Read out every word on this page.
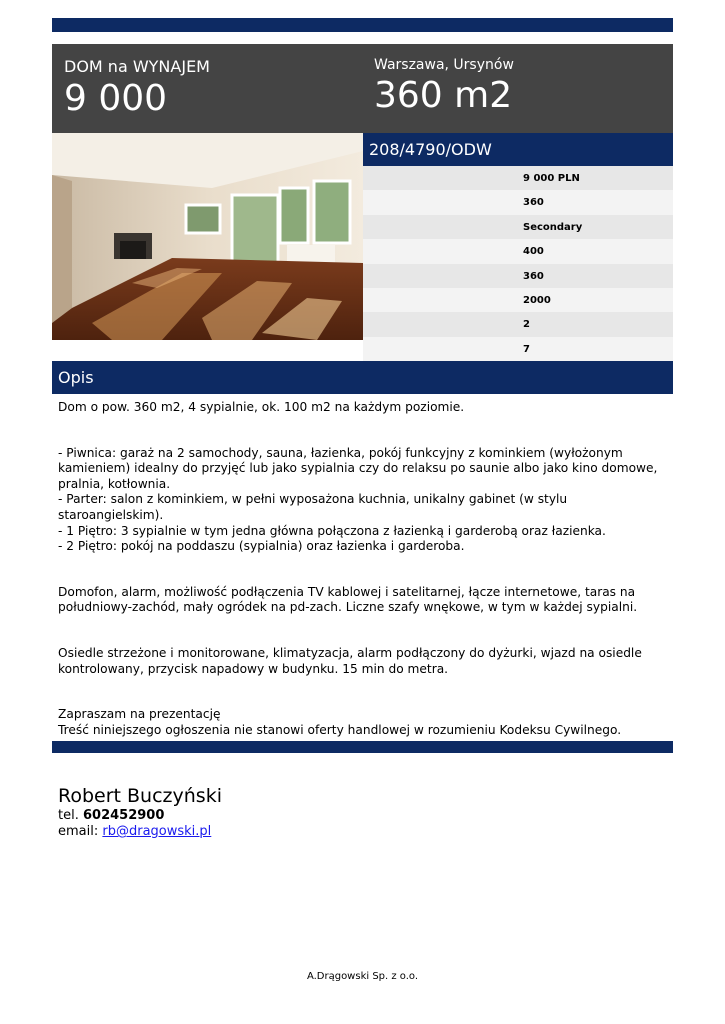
DOM na WYNAJEM
9 000
Warszawa, Ursynów
360 m2
208/4790/ODW
9 000 PLN
360
Secondary
400
360
2000
2
7
Opis

Dom o pow. 360 m2, 4 sypialnie, ok. 100 m2 na każdym poziomie.

- Piwnica: garaż na 2 samochody, sauna, łazienka, pokój funkcyjny z kominkiem (wyłożonym kamieniem) idealny do przyjęć lub jako sypialnia czy do relaksu po saunie albo jako kino domowe, pralnia, kotłownia.

- Parter: salon z kominkiem, w pełni wyposażona kuchnia, unikalny gabinet (w stylu staroangielskim).

- 1 Piętro: 3 sypialnie w tym jedna główna połączona z łazienką i garderobą oraz łazienka.

- 2 Piętro: pokój na poddaszu (sypialnia) oraz łazienka i garderoba.

Domofon, alarm, możliwość podłączenia TV kablowej i satelitarnej, łącze internetowe, taras na południowy-zachód, mały ogródek na pd-zach. Liczne szafy wnękowe, w tym w każdej sypialni.

Osiedle strzeżone i monitorowane, klimatyzacja, alarm podłączony do dyżurki, wjazd na osiedle kontrolowany, przycisk napadowy w budynku. 15 min do metra.

Zapraszam na prezentację

Treść niniejszego ogłoszenia nie stanowi oferty handlowej w rozumieniu Kodeksu Cywilnego.

Robert Buczyński
tel. 602452900
email: rb@dragowski.pl
A.Drągowski Sp. z o.o.
